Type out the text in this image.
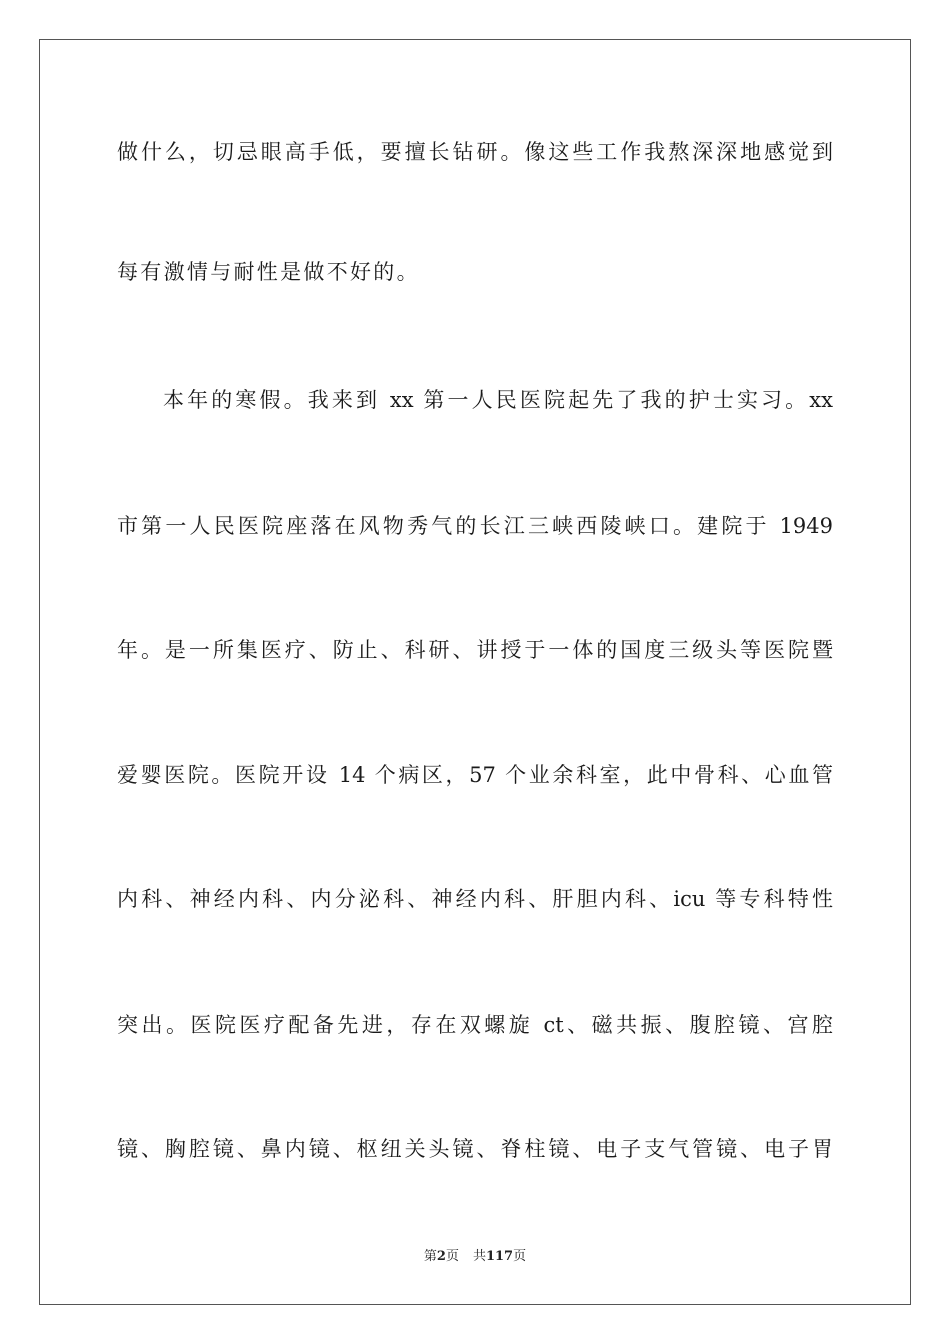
做什么，切忌眼高手低，要擅长钻研。像这些工作我熬深深地感觉到
每有激情与耐性是做不好的。
本年的寒假。我来到 xx 第一人民医院起先了我的护士实习。xx
市第一人民医院座落在风物秀气的长江三峡西陵峡口。建院于 1949
年。是一所集医疗、防止、科研、讲授于一体的国度三级头等医院暨
爱婴医院。医院开设 14 个病区，57 个业余科室，此中骨科、心血管
内科、神经内科、内分泌科、神经内科、肝胆内科、icu 等专科特性
突出。医院医疗配备先进，存在双螺旋 ct、磁共振、腹腔镜、宫腔
镜、胸腔镜、鼻内镜、枢纽关头镜、脊柱镜、电子支气管镜、电子胃
第2页 共117页
